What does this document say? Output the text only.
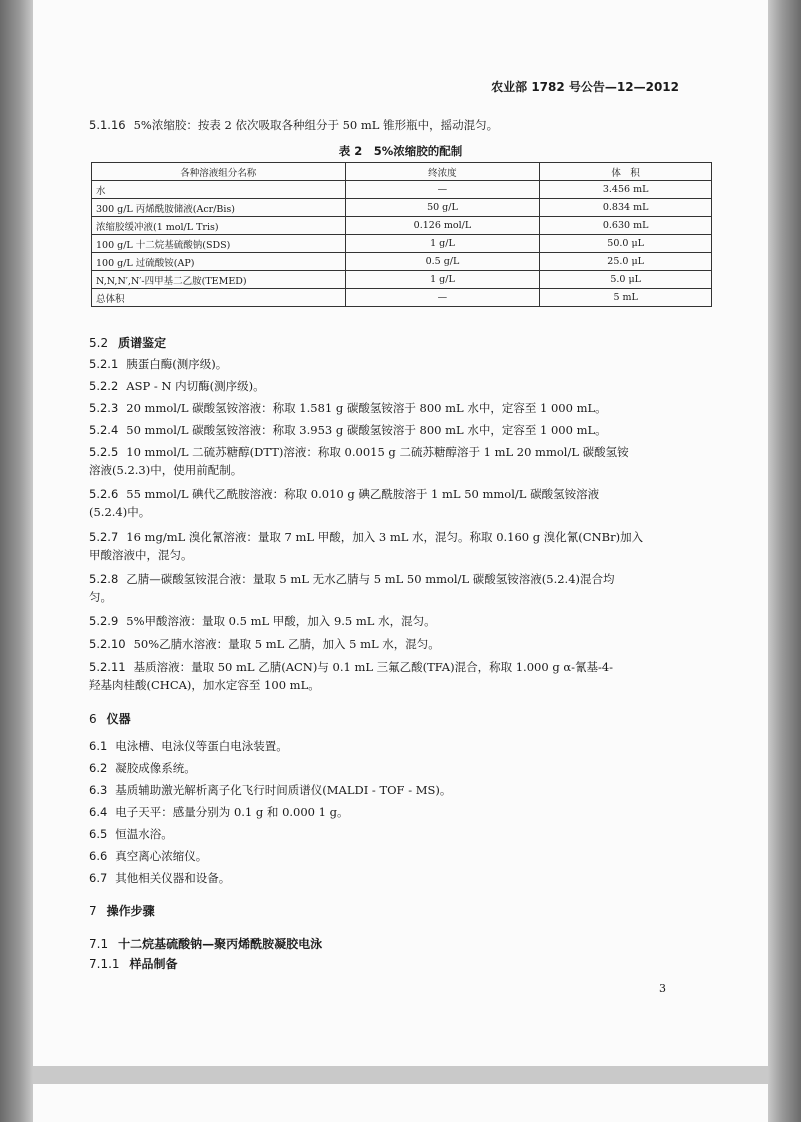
农业部 1782 号公告—12—2012
5.1.16 5%浓缩胶：按表 2 依次吸取各种组分于 50 mL 锥形瓶中，摇动混匀。
表 2　5%浓缩胶的配制
各种溶液组分名称	终浓度	体　积
水	—	3.456 mL
300 g/L 丙烯酰胺储液(Acr/Bis)	50 g/L	0.834 mL
浓缩胶缓冲液(1 mol/L Tris)	0.126 mol/L	0.630 mL
100 g/L 十二烷基硫酸钠(SDS)	1 g/L	50.0 μL
100 g/L 过硫酸铵(AP)	0.5 g/L	25.0 μL
N,N,N′,N′-四甲基二乙胺(TEMED)	1 g/L	5.0 μL
总体积	—	5 mL
5.2 质谱鉴定
5.2.1 胰蛋白酶(测序级)。
5.2.2 ASP - N 内切酶(测序级)。
5.2.3 20 mmol/L 碳酸氢铵溶液：称取 1.581 g 碳酸氢铵溶于 800 mL 水中，定容至 1 000 mL。
5.2.4 50 mmol/L 碳酸氢铵溶液：称取 3.953 g 碳酸氢铵溶于 800 mL 水中，定容至 1 000 mL。
5.2.5 10 mmol/L 二硫苏糖醇(DTT)溶液：称取 0.0015 g 二硫苏糖醇溶于 1 mL 20 mmol/L 碳酸氢铵
溶液(5.2.3)中，使用前配制。
5.2.6 55 mmol/L 碘代乙酰胺溶液：称取 0.010 g 碘乙酰胺溶于 1 mL 50 mmol/L 碳酸氢铵溶液
(5.2.4)中。
5.2.7 16 mg/mL 溴化氰溶液：量取 7 mL 甲酸，加入 3 mL 水，混匀。称取 0.160 g 溴化氰(CNBr)加入
甲酸溶液中，混匀。
5.2.8 乙腈—碳酸氢铵混合液：量取 5 mL 无水乙腈与 5 mL 50 mmol/L 碳酸氢铵溶液(5.2.4)混合均
匀。
5.2.9 5%甲酸溶液：量取 0.5 mL 甲酸，加入 9.5 mL 水，混匀。
5.2.10 50%乙腈水溶液：量取 5 mL 乙腈，加入 5 mL 水，混匀。
5.2.11 基质溶液：量取 50 mL 乙腈(ACN)与 0.1 mL 三氟乙酸(TFA)混合，称取 1.000 g α-氰基-4-
羟基肉桂酸(CHCA)，加水定容至 100 mL。
6 仪器
6.1 电泳槽、电泳仪等蛋白电泳装置。
6.2 凝胶成像系统。
6.3 基质辅助激光解析离子化飞行时间质谱仪(MALDI - TOF - MS)。
6.4 电子天平：感量分别为 0.1 g 和 0.000 1 g。
6.5 恒温水浴。
6.6 真空离心浓缩仪。
6.7 其他相关仪器和设备。
7 操作步骤
7.1 十二烷基硫酸钠—聚丙烯酰胺凝胶电泳
7.1.1 样品制备
3
